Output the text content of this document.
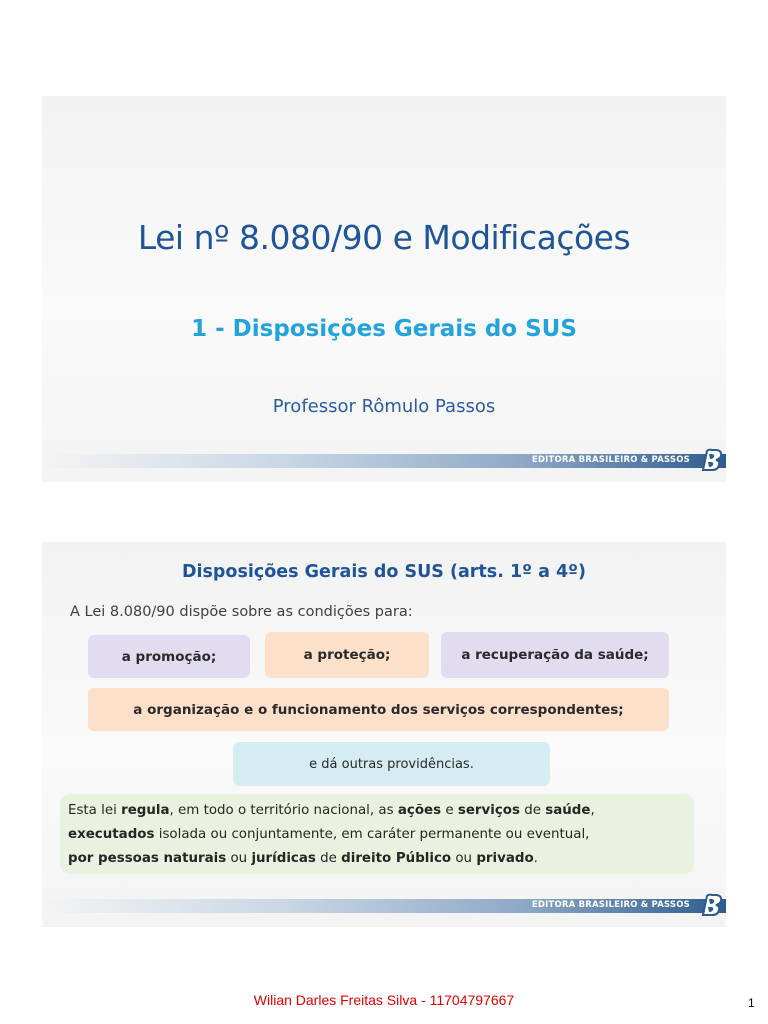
Lei nº 8.080/90 e Modificações
1 - Disposições Gerais do SUS
Professor Rômulo Passos
EDITORA BRASILEIRO & PASSOS
Disposições Gerais do SUS (arts. 1º a 4º)
A Lei 8.080/90 dispõe sobre as condições para:
a promoção;	a proteção;	a recuperação da saúde;
a organização e o funcionamento dos serviços correspondentes;
e dá outras providências.
Esta lei regula, em todo o território nacional, as ações e serviços de saúde,
executados isolada ou conjuntamente, em caráter permanente ou eventual,
por pessoas naturais ou jurídicas de direito Público ou privado.
EDITORA BRASILEIRO & PASSOS
Wilian Darles Freitas Silva - 11704797667	1
